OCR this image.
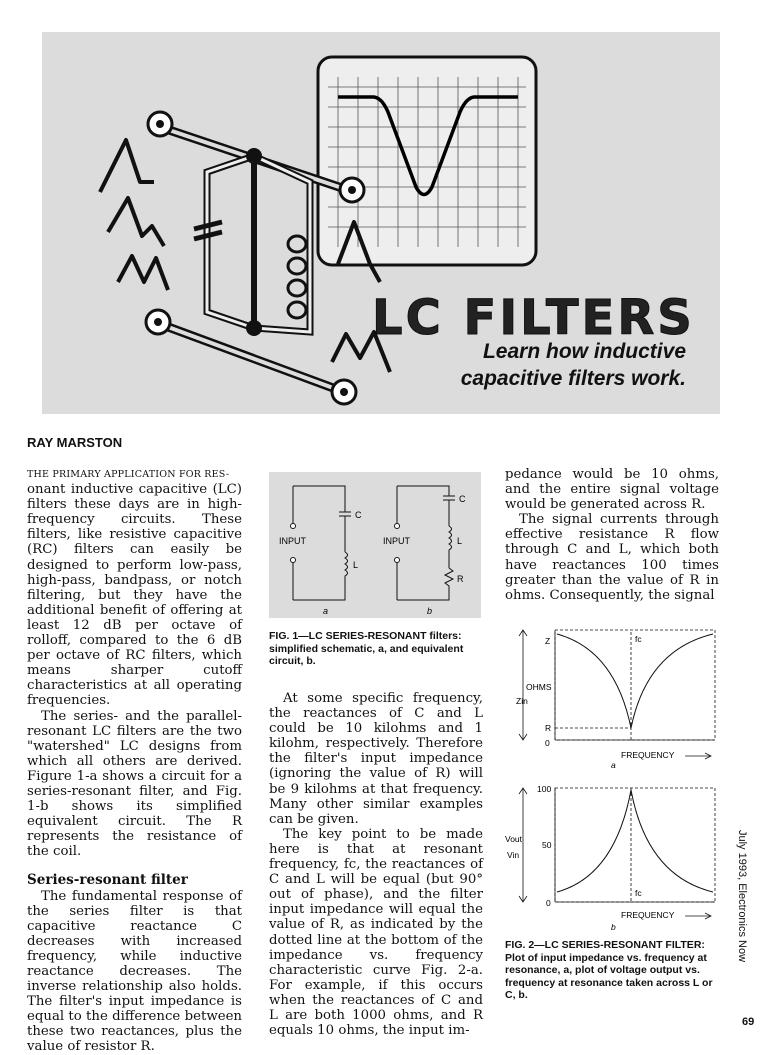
LC FILTERS
Learn how inductive
capacitive filters work.
RAY MARSTON

THE PRIMARY APPLICATION FOR RES-

onant inductive capacitive (LC) filters these days are in high-frequency circuits. These filters, like resistive capacitive (RC) filters can easily be designed to perform low-pass, high-pass, bandpass, or notch filtering, but they have the additional benefit of offering at least 12 dB per octave of rolloff, compared to the 6 dB per octave of RC filters, which means sharper cutoff characteristics at all operating frequencies.

The series- and the parallel-resonant LC filters are the two "watershed" LC designs from which all others are derived. Figure 1-a shows a circuit for a series-resonant filter, and Fig. 1-b shows its simplified equivalent circuit. The R represents the resistance of the coil.

Series-resonant filter

The fundamental response of the series filter is that capacitive reactance C decreases with increased frequency, while inductive reactance decreases. The inverse relationship also holds. The filter's input impedance is equal to the difference between these two reactances, plus the value of resistor R.

INPUT	INPUT
C
L
C
L
R
a	b
FIG. 1—LC SERIES-RESONANT filters: simplified schematic, a, and equivalent circuit, b.

At some specific frequency, the reactances of C and L could be 10 kilohms and 1 kilohm, respectively. Therefore the filter's input impedance (ignoring the value of R) will be 9 kilohms at that frequency. Many other similar examples can be given.

The key point to be made here is that at resonant frequency, fc, the reactances of C and L will be equal (but 90° out of phase), and the filter input impedance will equal the value of R, as indicated by the dotted line at the bottom of the impedance vs. frequency characteristic curve Fig. 2-a. For example, if this occurs when the reactances of C and L are both 1000 ohms, and R equals 10 ohms, the input im-

pedance would be 10 ohms, and the entire signal voltage would be generated across R.

The signal currents through effective resistance R flow through C and L, which both have reactances 100 times greater than the value of R in ohms. Consequently, the signal

Z
OHMS
Zin
R
0
fc
FREQUENCY
a
100
50
0
Vout
Vin
fc
FREQUENCY
b
FIG. 2—LC SERIES-RESONANT FILTER: Plot of input impedance vs. frequency at resonance, a, plot of voltage output vs. frequency at resonance taken across L or C, b.
July 1993, Electronics Now
69
